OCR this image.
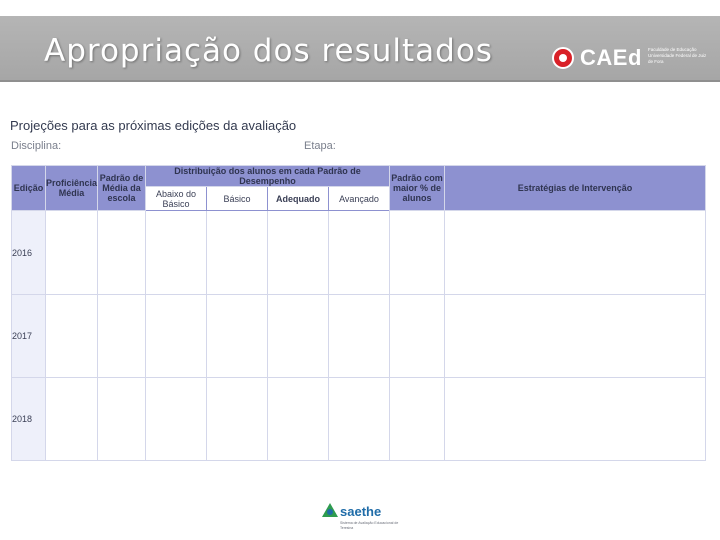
Apropriação dos resultados	CAEd Faculdade de Educação Universidade Federal de Juiz de Fora
Projeções para as próximas edições da avaliação
Disciplina:	Etapa:
Edição	Proficiência Média	Padrão de Média da escola	Distribuição dos alunos em cada Padrão de Desempenho				Padrão com maior % de alunos	Estratégias de Intervenção
			Abaixo do Básico	Básico	Adequado	Avançado		
2016								
2017								
2018								
saethe
Sistema de Avaliação Educacional de Teresina
